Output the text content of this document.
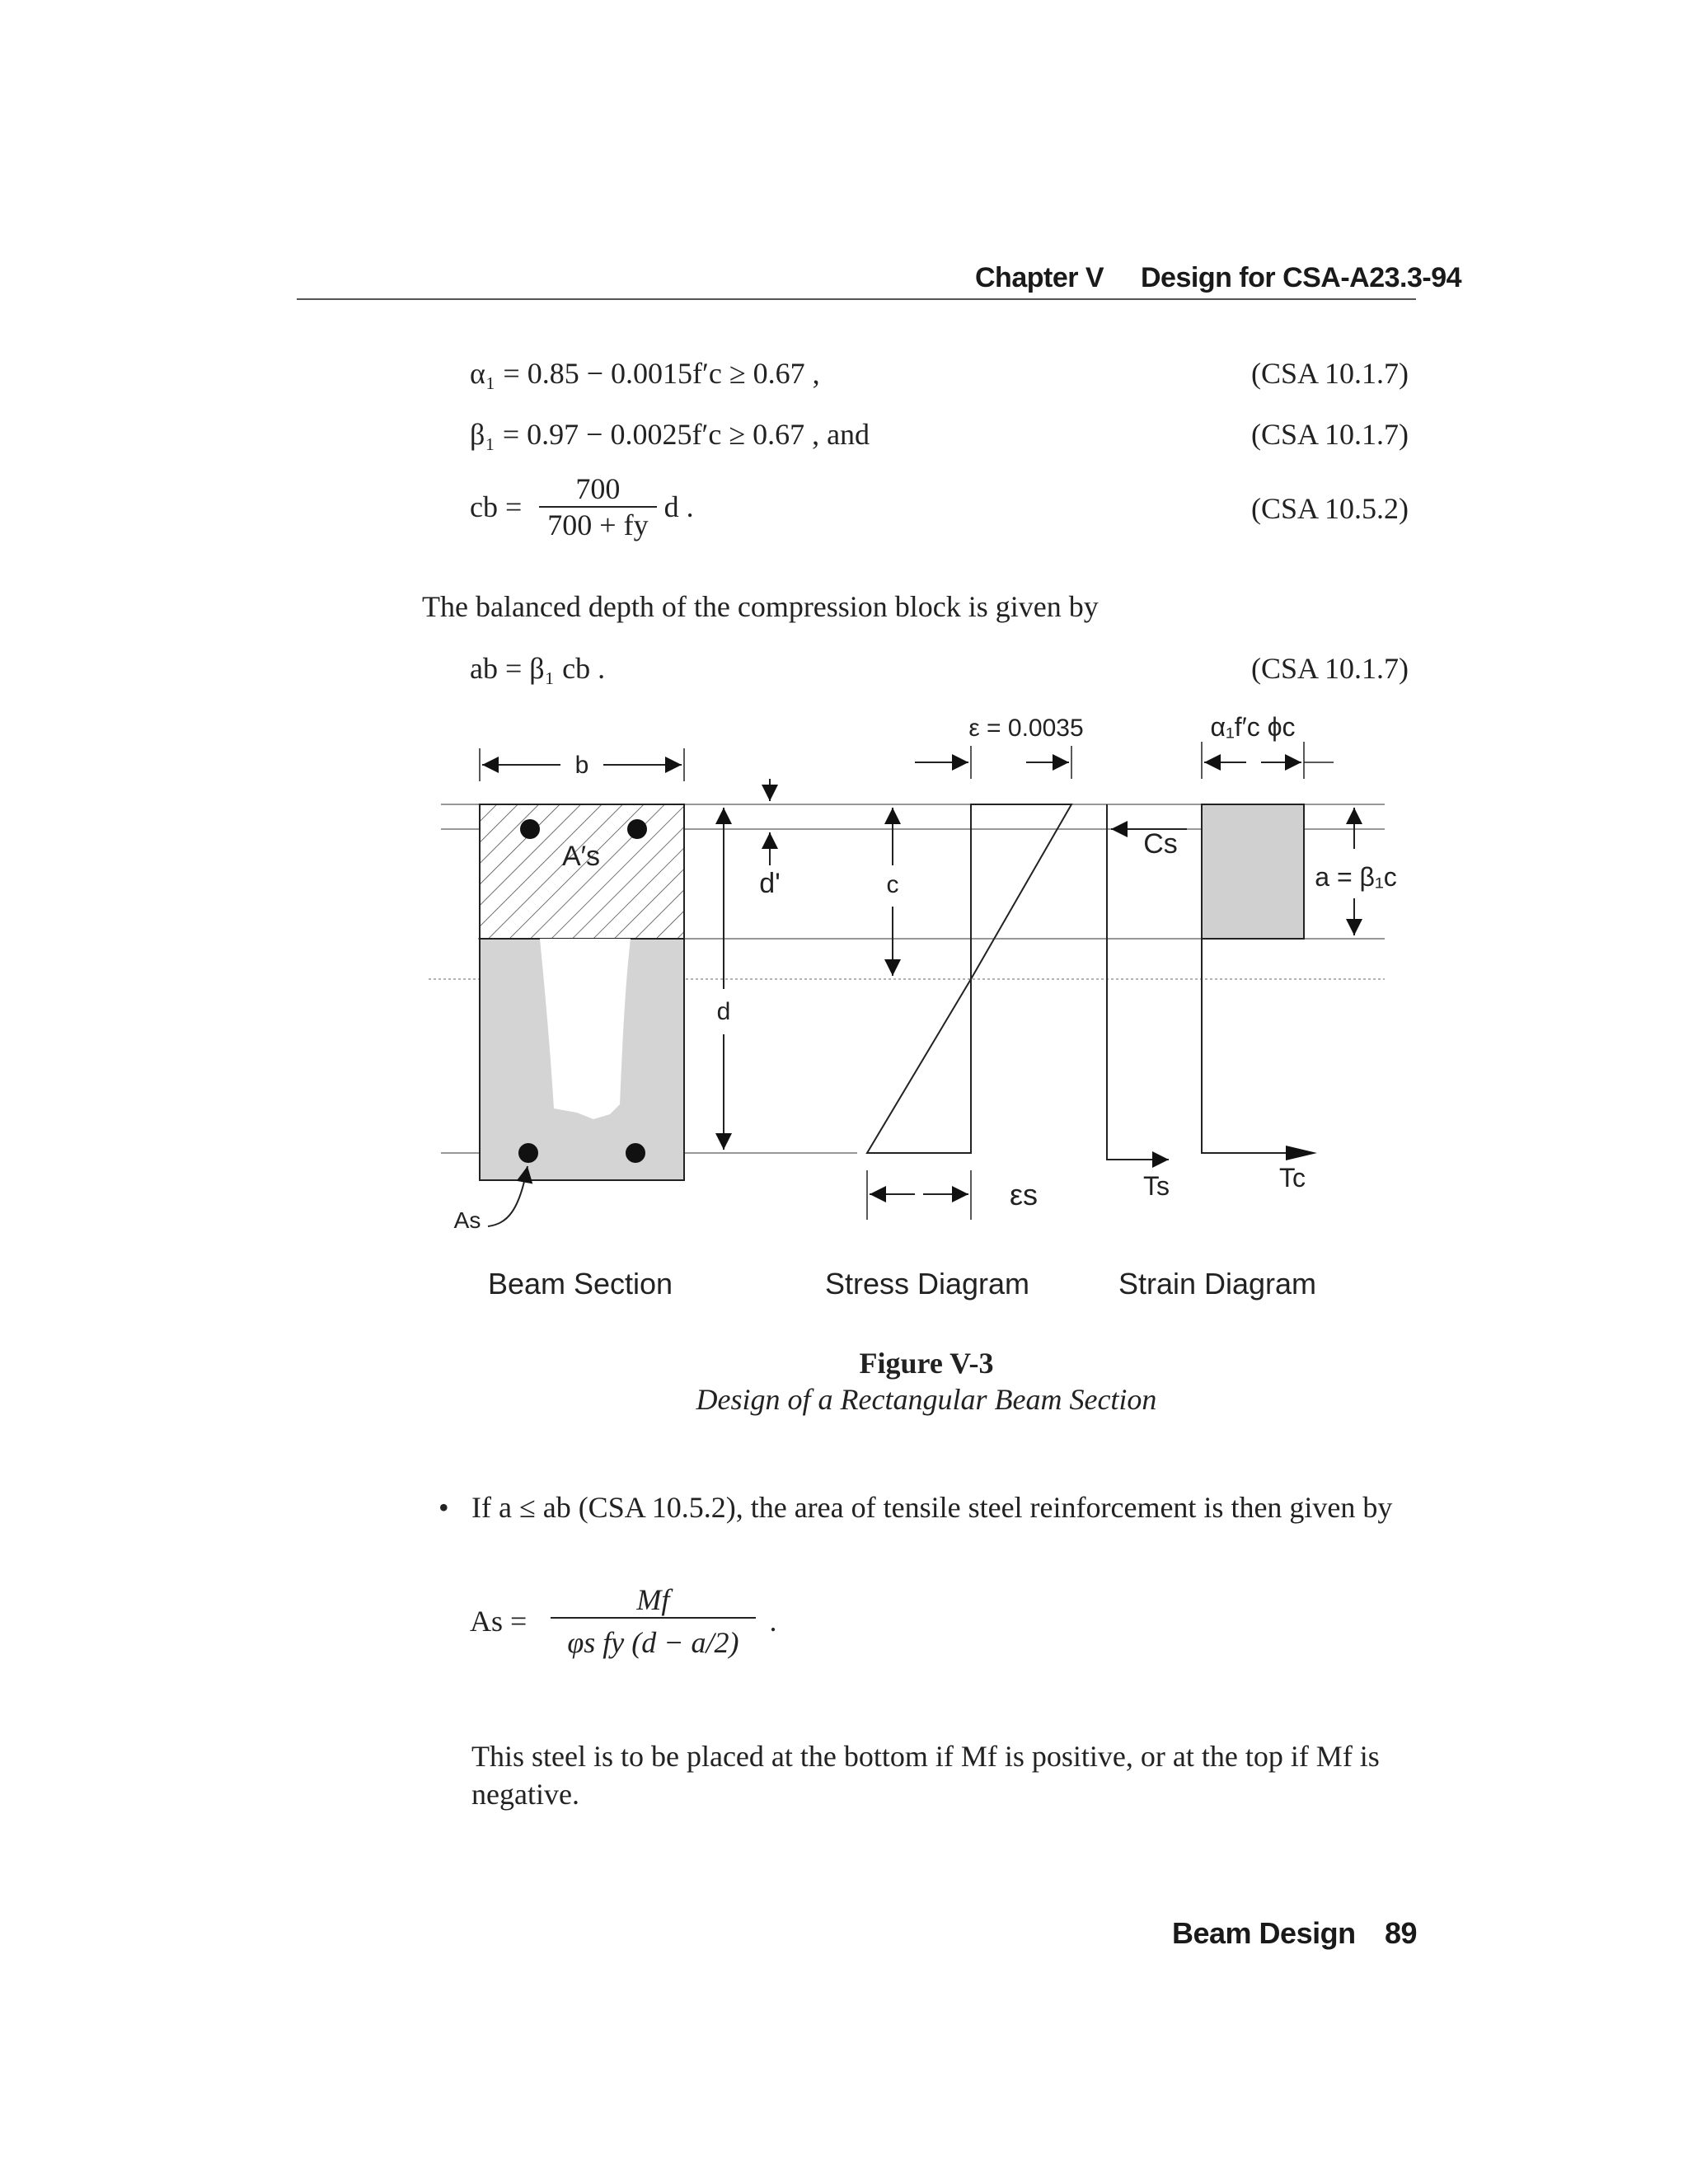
Chapter V Design for CSA-A23.3-94
α₁ = 0.85 − 0.0015f′c ≥ 0.67 ,	(CSA 10.1.7)
β₁ = 0.97 − 0.0025f′c ≥ 0.67 , and	(CSA 10.1.7)
cb = $\frac{700}{700 + fy}$ d .	(CSA 10.5.2)
The balanced depth of the compression block is given by
ab = β₁ cb .	(CSA 10.1.7)
b
ε = 0.0035	α₁f′c ϕc
A′s	Cs
a = β₁c
d'	c
d
εs	Ts	Tc
As
Beam Section	Stress Diagram	Strain Diagram
Figure V-3
Design of a Rectangular Beam Section
• If a ≤ ab (CSA 10.5.2), the area of tensile steel reinforcement is then given by
$As = \frac{Mf}{\text{φs fy (d − a/2)}}$ .
This steel is to be placed at the bottom if Mf is positive, or at the top if Mf is negative.
Beam Design 89
